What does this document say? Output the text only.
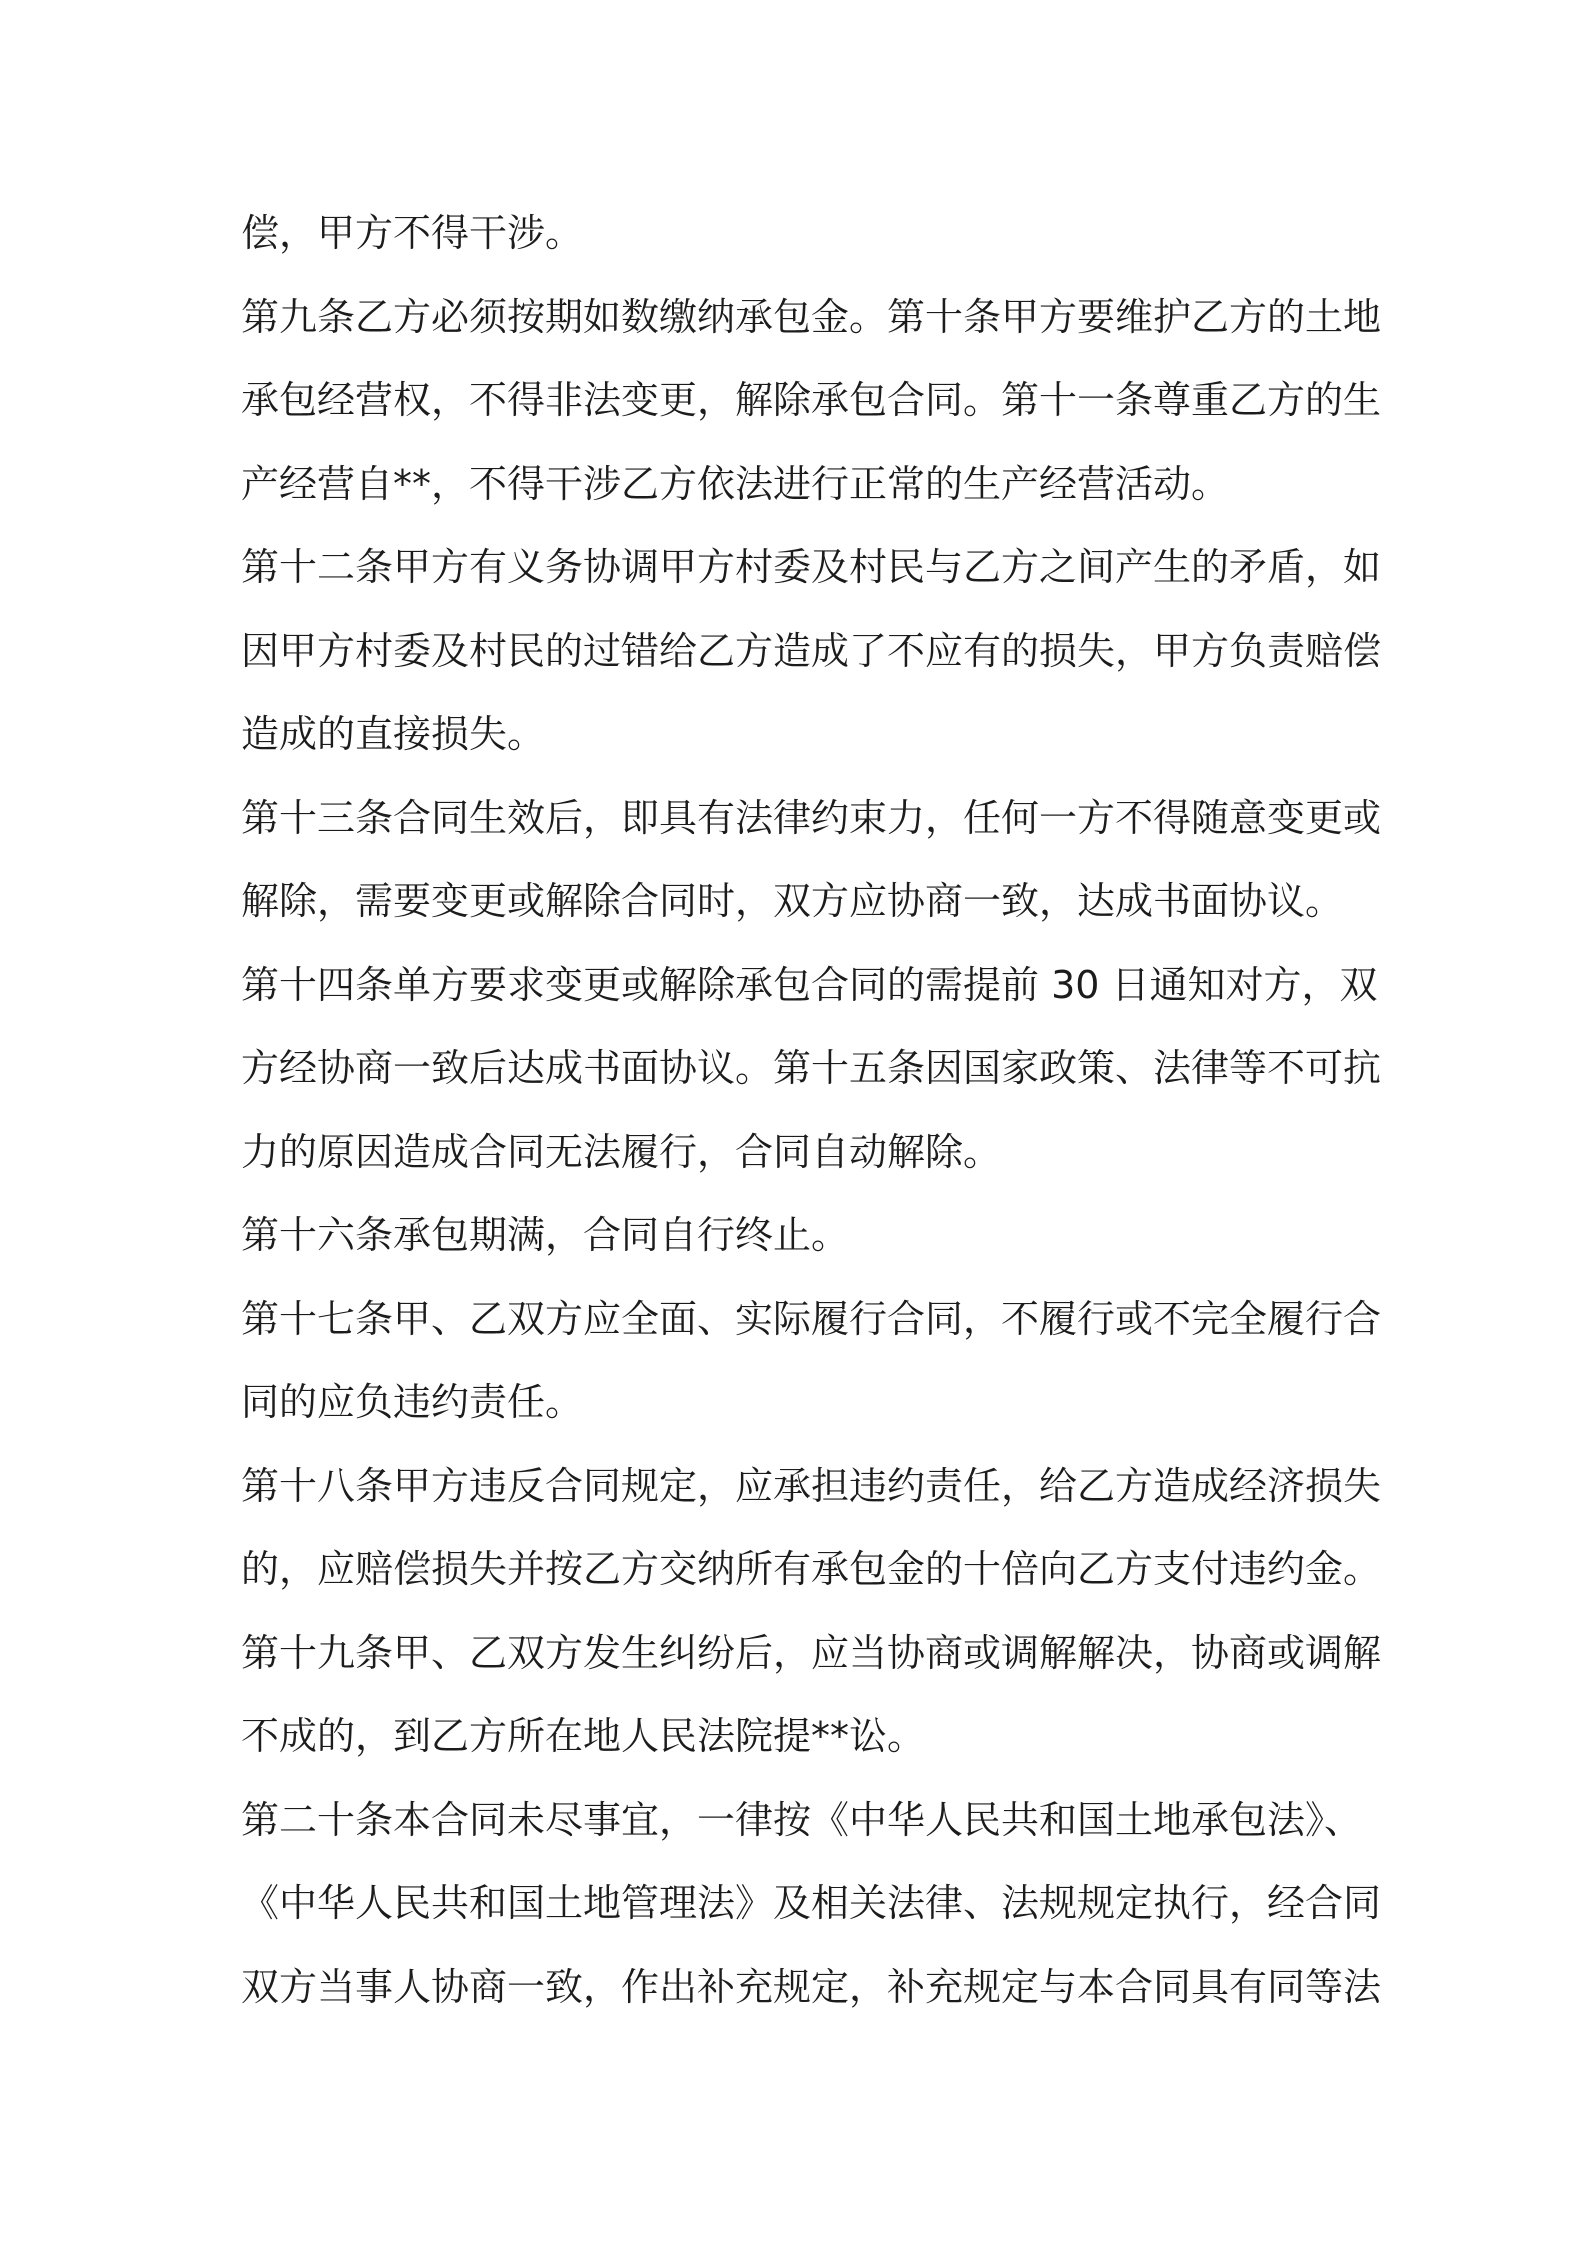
偿，甲方不得干涉。
第九条乙方必须按期如数缴纳承包金。第十条甲方要维护乙方的土地
承包经营权，不得非法变更，解除承包合同。第十一条尊重乙方的生
产经营自**，不得干涉乙方依法进行正常的生产经营活动。
第十二条甲方有义务协调甲方村委及村民与乙方之间产生的矛盾，如
因甲方村委及村民的过错给乙方造成了不应有的损失，甲方负责赔偿
造成的直接损失。
第十三条合同生效后，即具有法律约束力，任何一方不得随意变更或
解除，需要变更或解除合同时，双方应协商一致，达成书面协议。
第十四条单方要求变更或解除承包合同的需提前 30 日通知对方，双
方经协商一致后达成书面协议。第十五条因国家政策、法律等不可抗
力的原因造成合同无法履行，合同自动解除。
第十六条承包期满，合同自行终止。
第十七条甲、乙双方应全面、实际履行合同，不履行或不完全履行合
同的应负违约责任。
第十八条甲方违反合同规定，应承担违约责任，给乙方造成经济损失
的，应赔偿损失并按乙方交纳所有承包金的十倍向乙方支付违约金。
第十九条甲、乙双方发生纠纷后，应当协商或调解解决，协商或调解
不成的，到乙方所在地人民法院提**讼。
第二十条本合同未尽事宜，一律按《中华人民共和国土地承包法》、
《中华人民共和国土地管理法》及相关法律、法规规定执行，经合同
双方当事人协商一致，作出补充规定，补充规定与本合同具有同等法
